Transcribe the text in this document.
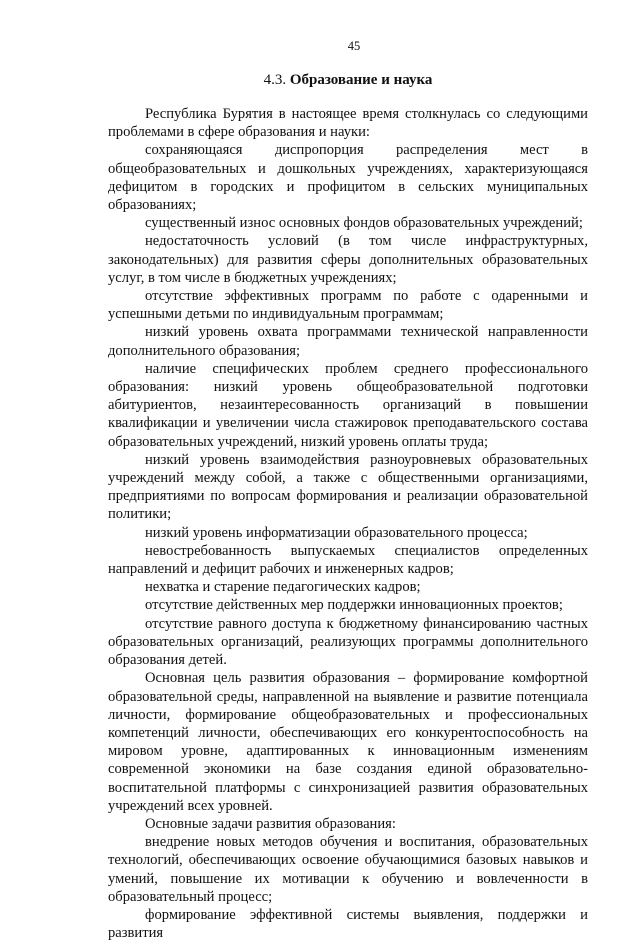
45
4.3. Образование и наука

Республика Бурятия в настоящее время столкнулась со следующими проблемами в сфере образования и науки:

сохраняющаяся диспропорция распределения мест в общеобразовательных и дошкольных учреждениях, характеризующаяся дефицитом в городских и профицитом в сельских муниципальных образованиях;

существенный износ основных фондов образовательных учреждений;

недостаточность условий (в том числе инфраструктурных, законодательных) для развития сферы дополнительных образовательных услуг, в том числе в бюджетных учреждениях;

отсутствие эффективных программ по работе с одаренными и успешными детьми по индивидуальным программам;

низкий уровень охвата программами технической направленности дополнительного образования;

наличие специфических проблем среднего профессионального образования: низкий уровень общеобразовательной подготовки абитуриентов, незаинтересованность организаций в повышении квалификации и увеличении числа стажировок преподавательского состава образовательных учреждений, низкий уровень оплаты труда;

низкий уровень взаимодействия разноуровневых образовательных учреждений между собой, а также с общественными организациями, предприятиями по вопросам формирования и реализации образовательной политики;

низкий уровень информатизации образовательного процесса;

невостребованность выпускаемых специалистов определенных направлений и дефицит рабочих и инженерных кадров;

нехватка и старение педагогических кадров;

отсутствие действенных мер поддержки инновационных проектов;

отсутствие равного доступа к бюджетному финансированию частных образовательных организаций, реализующих программы дополнительного образования детей.

Основная цель развития образования – формирование комфортной образовательной среды, направленной на выявление и развитие потенциала личности, формирование общеобразовательных и профессиональных компетенций личности, обеспечивающих его конкурентоспособность на мировом уровне, адаптированных к инновационным изменениям современной экономики на базе создания единой образовательно-воспитательной платформы с синхронизацией развития образовательных учреждений всех уровней.

Основные задачи развития образования:

внедрение новых методов обучения и воспитания, образовательных технологий, обеспечивающих освоение обучающимися базовых навыков и умений, повышение их мотивации к обучению и вовлеченности в образовательный процесс;

формирование эффективной системы выявления, поддержки и развития
